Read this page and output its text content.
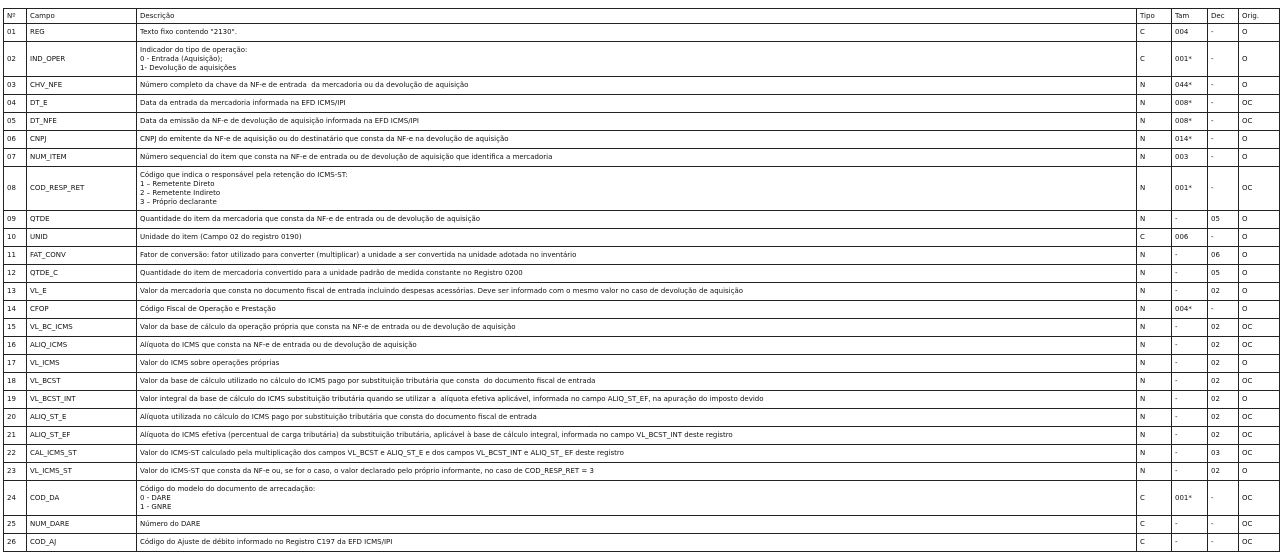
Nº	Campo	Descrição	Tipo	Tam	Dec	Orig.
01	REG	Texto fixo contendo "2130".	C	004	-	O
02	IND_OPER	Indicador do tipo de operação:
0 - Entrada (Aquisição);
1- Devolução de aquisições	C	001*	-	O
03	CHV_NFE	Número completo da chave da NF-e de entrada  da mercadoria ou da devolução de aquisição	N	044*	-	O
04	DT_E	Data da entrada da mercadoria informada na EFD ICMS/IPI	N	008*	-	OC
05	DT_NFE	Data da emissão da NF-e de devolução de aquisição informada na EFD ICMS/IPI	N	008*	-	OC
06	CNPJ	CNPJ do emitente da NF-e de aquisição ou do destinatário que consta da NF-e na devolução de aquisição	N	014*	-	O
07	NUM_ITEM	Número sequencial do item que consta na NF-e de entrada ou de devolução de aquisição que identifica a mercadoria	N	003	-	O
08	COD_RESP_RET	Código que indica o responsável pela retenção do ICMS-ST:
1 – Remetente Direto
2 – Remetente Indireto
3 – Próprio declarante	N	001*	-	OC
09	QTDE	Quantidade do item da mercadoria que consta da NF-e de entrada ou de devolução de aquisição	N	-	05	O
10	UNID	Unidade do item (Campo 02 do registro 0190)	C	006	-	O
11	FAT_CONV	Fator de conversão: fator utilizado para converter (multiplicar) a unidade a ser convertida na unidade adotada no inventário	N	-	06	O
12	QTDE_C	Quantidade do item de mercadoria convertido para a unidade padrão de medida constante no Registro 0200	N	-	05	O
13	VL_E	Valor da mercadoria que consta no documento fiscal de entrada incluindo despesas acessórias. Deve ser informado com o mesmo valor no caso de devolução de aquisição	N	-	02	O
14	CFOP	Código Fiscal de Operação e Prestação	N	004*	-	O
15	VL_BC_ICMS	Valor da base de cálculo da operação própria que consta na NF-e de entrada ou de devolução de aquisição	N	-	02	OC
16	ALIQ_ICMS	Alíquota do ICMS que consta na NF-e de entrada ou de devolução de aquisição	N	-	02	OC
17	VL_ICMS	Valor do ICMS sobre operações próprias	N	-	02	O
18	VL_BCST	Valor da base de cálculo utilizado no cálculo do ICMS pago por substituição tributária que consta  do documento fiscal de entrada	N	-	02	OC
19	VL_BCST_INT	Valor integral da base de cálculo do ICMS substituição tributária quando se utilizar a  alíquota efetiva aplicável, informada no campo ALIQ_ST_EF, na apuração do imposto devido	N	-	02	O
20	ALIQ_ST_E	Alíquota utilizada no cálculo do ICMS pago por substituição tributária que consta do documento fiscal de entrada	N	-	02	OC
21	ALIQ_ST_EF	Alíquota do ICMS efetiva (percentual de carga tributária) da substituição tributária, aplicável à base de cálculo integral, informada no campo VL_BCST_INT deste registro	N	-	02	OC
22	CAL_ICMS_ST	Valor do ICMS-ST calculado pela multiplicação dos campos VL_BCST e ALIQ_ST_E e dos campos VL_BCST_INT e ALIQ_ST_ EF deste registro	N	-	03	OC
23	VL_ICMS_ST	Valor do ICMS-ST que consta da NF-e ou, se for o caso, o valor declarado pelo próprio informante, no caso de COD_RESP_RET = 3	N	-	02	O
24	COD_DA	Código do modelo do documento de arrecadação:
0 - DARE
1 - GNRE	C	001*	-	OC
25	NUM_DARE	Número do DARE	C	-	-	OC
26	COD_AJ	Código do Ajuste de débito informado no Registro C197 da EFD ICMS/IPI	C	-	-	OC
